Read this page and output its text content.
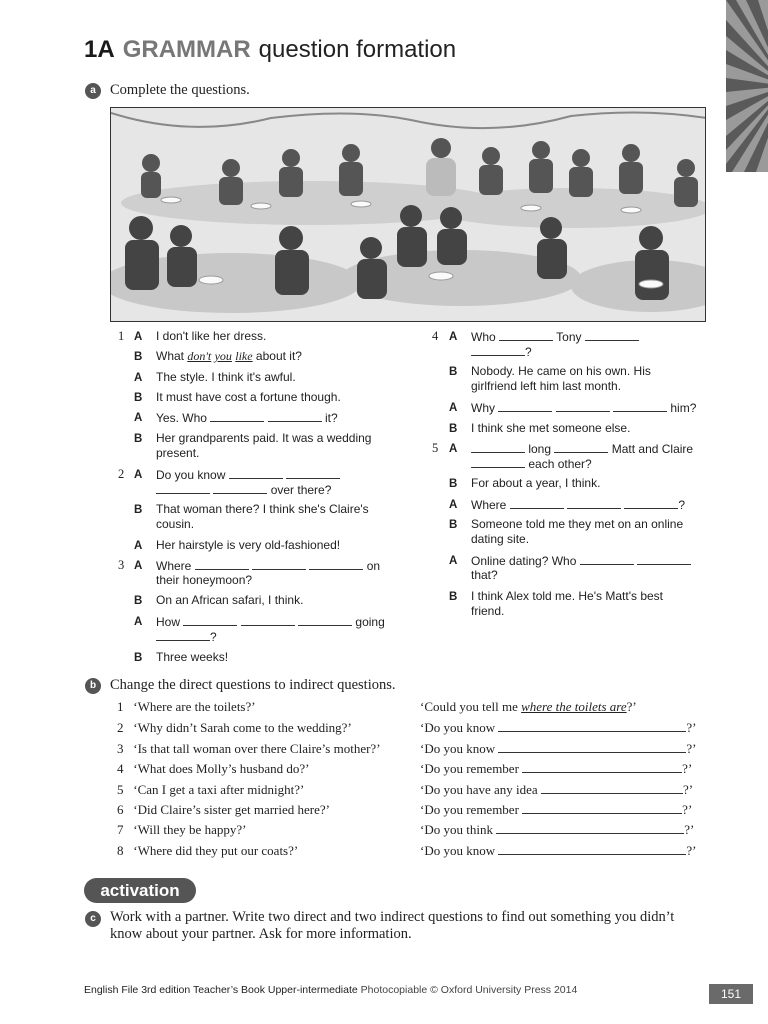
1A GRAMMAR question formation
a Complete the questions.
1 A I don't like her dress.
B What don't you like about it?
A The style. I think it's awful.
B It must have cost a fortune though.
A Yes. Who	it?
B Her grandparents paid. It was a wedding
present.
2 A Do you know
over there?
B That woman there? I think she's Claire's
cousin.
A Her hairstyle is very old-fashioned!
3 A Where	on
their honeymoon?
B On an African safari, I think.
A How	going
?
B Three weeks!
4 A Who	Tony
?
B Nobody. He came on his own. His
girlfriend left him last month.
A Why	him?
B I think she met someone else.
5 A	long	Matt and Claire
each other?
B For about a year, I think.
A Where	?
B Someone told me they met on an online
dating site.
A Online dating? Who
that?
B I think Alex told me. He's Matt's best
friend.
b Change the direct questions to indirect questions.
1 ‘Where are the toilets?’	‘Could you tell me where the toilets are?’
2 ‘Why didn’t Sarah come to the wedding?’	‘Do you know	?’
3 ‘Is that tall woman over there Claire’s mother?’	‘Do you know	?’
4 ‘What does Molly’s husband do?’	‘Do you remember	?’
5 ‘Can I get a taxi after midnight?’	‘Do you have any idea	?’
6 ‘Did Claire’s sister get married here?’	‘Do you remember	?’
7 ‘Will they be happy?’	‘Do you think	?’
8 ‘Where did they put our coats?’	‘Do you know	?’
activation
c Work with a partner. Write two direct and two indirect questions to find out something you didn’t
know about your partner. Ask for more information.
English File 3rd edition Teacher’s Book Upper-intermediate Photocopiable © Oxford University Press 2014	151
